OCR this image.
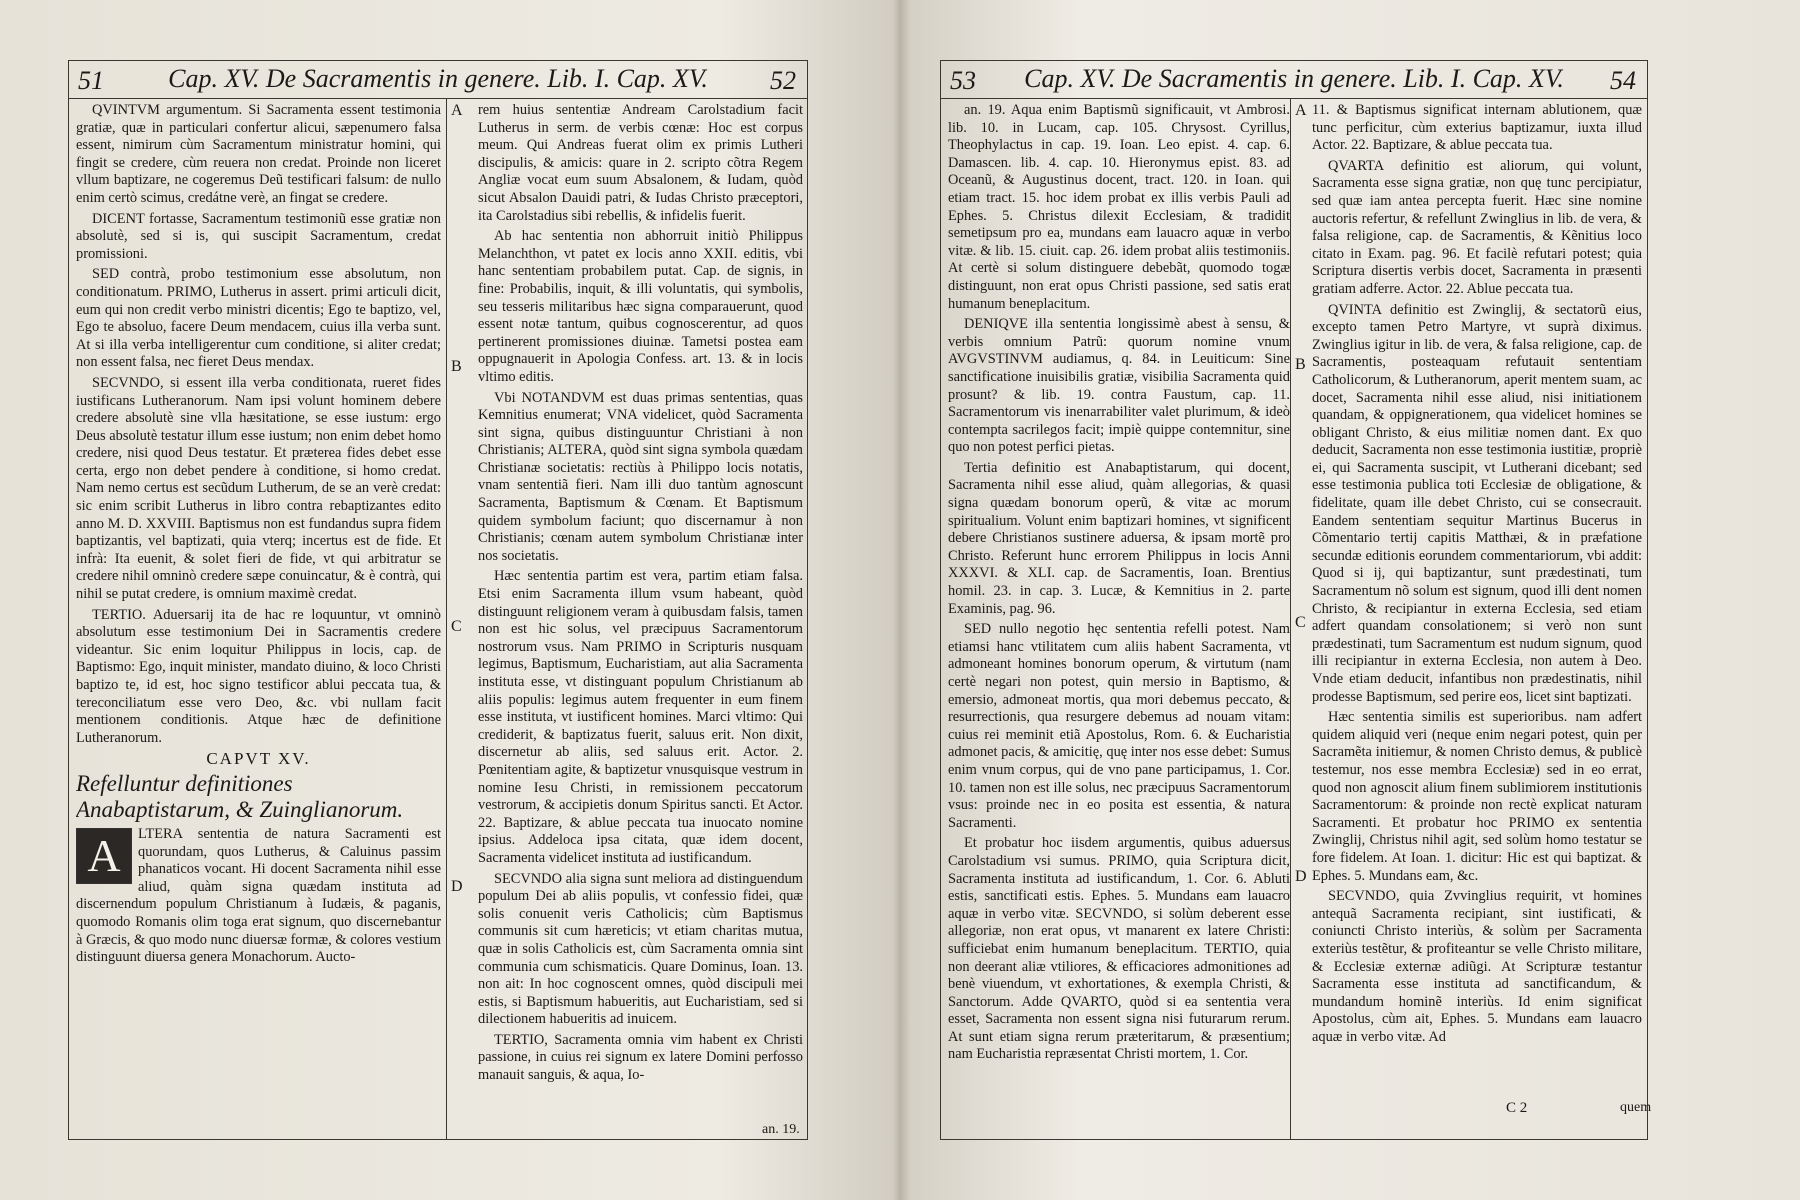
51	Cap. XV. De Sacramentis in genere. Lib. I. Cap. XV.	52
A
B
C
D

QVINTVM argumentum. Si Sacramenta essent testimonia gratiæ, quæ in particulari confertur alicui, sæpenumero falsa essent, nimirum cùm Sacramentum ministratur homini, qui fingit se credere, cùm reuera non credat. Proinde non liceret vllum baptizare, ne cogeremus Deũ testificari falsum: de nullo enim certò scimus, credátne verè, an fingat se credere.

DICENT fortasse, Sacramentum testimoniũ esse gratiæ non absolutè, sed si is, qui suscipit Sacramentum, credat promissioni.

SED contrà, probo testimonium esse absolutum, non conditionatum. PRIMO, Lutherus in assert. primi articuli dicit, eum qui non credit verbo ministri dicentis; Ego te baptizo, vel, Ego te absoluo, facere Deum mendacem, cuius illa verba sunt. At si illa verba intelligerentur cum conditione, si aliter credat; non essent falsa, nec fieret Deus mendax.

SECVNDO, si essent illa verba conditionata, rueret fides iustificans Lutheranorum. Nam ipsi volunt hominem debere credere absolutè sine vlla hæsitatione, se esse iustum: ergo Deus absolutè testatur illum esse iustum; non enim debet homo credere, nisi quod Deus testatur. Et præterea fides debet esse certa, ergo non debet pendere à conditione, si homo credat. Nam nemo certus est secũdum Lutherum, de se an verè credat: sic enim scribit Lutherus in libro contra rebaptizantes edito anno M. D. XXVIII. Baptismus non est fundandus supra fidem baptizantis, vel baptizati, quia vterq; incertus est de fide. Et infrà: Ita euenit, & solet fieri de fide, vt qui arbitratur se credere nihil omninò credere sæpe conuincatur, & è contrà, qui nihil se putat credere, is omnium maximè credat.

TERTIO. Aduersarij ita de hac re loquuntur, vt omninò absolutum esse testimonium Dei in Sacramentis credere videantur. Sic enim loquitur Philippus in locis, cap. de Baptismo: Ego, inquit minister, mandato diuino, & loco Christi baptizo te, id est, hoc signo testificor ablui peccata tua, & tereconciliatum esse vero Deo, &c. vbi nullam facit mentionem conditionis. Atque hæc de definitione Lutheranorum.

CAPVT XV.

Refelluntur definitiones Anabaptistarum, & Zuinglianorum.

A	LTERA sententia de natura Sacramenti est quorundam, quos Lutherus, & Caluinus passim phanaticos vocant. Hi docent Sacramenta nihil esse aliud, quàm signa quædam instituta ad discernendum populum Christianum à Iudæis, & paganis, quomodo Romanis olim toga erat signum, quo discernebantur à Græcis, & quo modo nunc diuersæ formæ, & colores vestium distinguunt diuersa genera Monachorum. Aucto-

rem huius sententiæ Andream Carolstadium facit Lutherus in serm. de verbis cœnæ: Hoc est corpus meum. Qui Andreas fuerat olim ex primis Lutheri discipulis, & amicis: quare in 2. scripto cõtra Regem Angliæ vocat eum suum Absalonem, & Iudam, quòd sicut Absalon Dauidi patri, & Iudas Christo præceptori, ita Carolstadius sibi rebellis, & infidelis fuerit.

Ab hac sententia non abhorruit initiò Philippus Melanchthon, vt patet ex locis anno XXII. editis, vbi hanc sententiam probabilem putat. Cap. de signis, in fine: Probabilis, inquit, & illi voluntatis, qui symbolis, seu tesseris militaribus hæc signa comparauerunt, quod essent notæ tantum, quibus cognoscerentur, ad quos pertinerent promissiones diuinæ. Tametsi postea eam oppugnauerit in Apologia Confess. art. 13. & in locis vltimo editis.

Vbi NOTANDVM est duas primas sententias, quas Kemnitius enumerat; VNA videlicet, quòd Sacramenta sint signa, quibus distinguuntur Christiani à non Christianis; ALTERA, quòd sint signa symbola quædam Christianæ societatis: rectiùs à Philippo locis notatis, vnam sententiã fieri. Nam illi duo tantùm agnoscunt Sacramenta, Baptismum & Cœnam. Et Baptismum quidem symbolum faciunt; quo discernamur à non Christianis; cœnam autem symbolum Christianæ inter nos societatis.

Hæc sententia partim est vera, partim etiam falsa. Etsi enim Sacramenta illum vsum habeant, quòd distinguunt religionem veram à quibusdam falsis, tamen non est hic solus, vel præcipuus Sacramentorum nostrorum vsus. Nam PRIMO in Scripturis nusquam legimus, Baptismum, Eucharistiam, aut alia Sacramenta instituta esse, vt distinguant populum Christianum ab aliis populis: legimus autem frequenter in eum finem esse instituta, vt iustificent homines. Marci vltimo: Qui crediderit, & baptizatus fuerit, saluus erit. Non dixit, discernetur ab aliis, sed saluus erit. Actor. 2. Pœnitentiam agite, & baptizetur vnusquisque vestrum in nomine Iesu Christi, in remissionem peccatorum vestrorum, & accipietis donum Spiritus sancti. Et Actor. 22. Baptizare, & ablue peccata tua inuocato nomine ipsius. Addeloca ipsa citata, quæ idem docent, Sacramenta videlicet instituta ad iustificandum.

SECVNDO alia signa sunt meliora ad distinguendum populum Dei ab aliis populis, vt confessio fidei, quæ solis conuenit veris Catholicis; cùm Baptismus communis sit cum hæreticis; vt etiam charitas mutua, quæ in solis Catholicis est, cùm Sacramenta omnia sint communia cum schismaticis. Quare Dominus, Ioan. 13. non ait: In hoc cognoscent omnes, quòd discipuli mei estis, si Baptismum habueritis, aut Eucharistiam, sed si dilectionem habueritis ad inuicem.

TERTIO, Sacramenta omnia vim habent ex Christi passione, in cuius rei signum ex latere Domini perfosso manauit sanguis, & aqua, Io-

an. 19.
53	Cap. XV. De Sacramentis in genere. Lib. I. Cap. XV.	54
A
B
C
D

an. 19. Aqua enim Baptismũ significauit, vt Ambrosi. lib. 10. in Lucam, cap. 105. Chrysost. Cyrillus, Theophylactus in cap. 19. Ioan. Leo epist. 4. cap. 6. Damascen. lib. 4. cap. 10. Hieronymus epist. 83. ad Oceanũ, & Augustinus docent, tract. 120. in Ioan. qui etiam tract. 15. hoc idem probat ex illis verbis Pauli ad Ephes. 5. Christus dilexit Ecclesiam, & tradidit semetipsum pro ea, mundans eam lauacro aquæ in verbo vitæ. & lib. 15. ciuit. cap. 26. idem probat aliis testimoniis. At certè si solum distinguere debebãt, quomodo togæ distinguunt, non erat opus Christi passione, sed satis erat humanum beneplacitum.

DENIQVE illa sententia longissimè abest à sensu, & verbis omnium Patrũ: quorum nomine vnum AVGVSTINVM audiamus, q. 84. in Leuiticum: Sine sanctificatione inuisibilis gratiæ, visibilia Sacramenta quid prosunt? & lib. 19. contra Faustum, cap. 11. Sacramentorum vis inenarrabiliter valet plurimum, & ideò contempta sacrilegos facit; impiè quippe contemnitur, sine quo non potest perfici pietas.

Tertia definitio est Anabaptistarum, qui docent, Sacramenta nihil esse aliud, quàm allegorias, & quasi signa quædam bonorum operũ, & vitæ ac morum spiritualium. Volunt enim baptizari homines, vt significent debere Christianos sustinere aduersa, & ipsam mortẽ pro Christo. Referunt hunc errorem Philippus in locis Anni XXXVI. & XLI. cap. de Sacramentis, Ioan. Brentius homil. 23. in cap. 3. Lucæ, & Kemnitius in 2. parte Examinis, pag. 96.

SED nullo negotio hęc sententia refelli potest. Nam etiamsi hanc vtilitatem cum aliis habent Sacramenta, vt admoneant homines bonorum operum, & virtutum (nam certè negari non potest, quin mersio in Baptismo, & emersio, admoneat mortis, qua mori debemus peccato, & resurrectionis, qua resurgere debemus ad nouam vitam: cuius rei meminit etiã Apostolus, Rom. 6. & Eucharistia admonet pacis, & amicitię, quę inter nos esse debet: Sumus enim vnum corpus, qui de vno pane participamus, 1. Cor. 10. tamen non est ille solus, nec præcipuus Sacramentorum vsus: proinde nec in eo posita est essentia, & natura Sacramenti.

Et probatur hoc iisdem argumentis, quibus aduersus Carolstadium vsi sumus. PRIMO, quia Scriptura dicit, Sacramenta instituta ad iustificandum, 1. Cor. 6. Abluti estis, sanctificati estis. Ephes. 5. Mundans eam lauacro aquæ in verbo vitæ. SECVNDO, si solùm deberent esse allegoriæ, non erat opus, vt manarent ex latere Christi: sufficiebat enim humanum beneplacitum. TERTIO, quia non deerant aliæ vtiliores, & efficaciores admonitiones ad benè viuendum, vt exhortationes, & exempla Christi, & Sanctorum. Adde QVARTO, quòd si ea sententia vera esset, Sacramenta non essent signa nisi futurarum rerum. At sunt etiam signa rerum præteritarum, & præsentium; nam Eucharistia repræsentat Christi mortem, 1. Cor.

11. & Baptismus significat internam ablutionem, quæ tunc perficitur, cùm exterius baptizamur, iuxta illud Actor. 22. Baptizare, & ablue peccata tua.

QVARTA definitio est aliorum, qui volunt, Sacramenta esse signa gratiæ, non quę tunc percipiatur, sed quæ iam antea percepta fuerit. Hæc sine nomine auctoris refertur, & refellunt Zwinglius in lib. de vera, & falsa religione, cap. de Sacramentis, & Kẽnitius loco citato in Exam. pag. 96. Et facilè refutari potest; quia Scriptura disertis verbis docet, Sacramenta in præsenti gratiam adferre. Actor. 22. Ablue peccata tua.

QVINTA definitio est Zwinglij, & sectatorũ eius, excepto tamen Petro Martyre, vt suprà diximus. Zwinglius igitur in lib. de vera, & falsa religione, cap. de Sacramentis, posteaquam refutauit sententiam Catholicorum, & Lutheranorum, aperit mentem suam, ac docet, Sacramenta nihil esse aliud, nisi initiationem quandam, & oppignerationem, qua videlicet homines se obligant Christo, & eius militiæ nomen dant. Ex quo deducit, Sacramenta non esse testimonia iustitiæ, propriè ei, qui Sacramenta suscipit, vt Lutherani dicebant; sed esse testimonia publica toti Ecclesiæ de obligatione, & fidelitate, quam ille debet Christo, cui se consecrauit. Eandem sententiam sequitur Martinus Bucerus in Cõmentario tertij capitis Matthæi, & in præfatione secundæ editionis eorundem commentariorum, vbi addit: Quod si ij, qui baptizantur, sunt prædestinati, tum Sacramentum nõ solum est signum, quod illi dent nomen Christo, & recipiantur in externa Ecclesia, sed etiam adfert quandam consolationem; si verò non sunt prædestinati, tum Sacramentum est nudum signum, quod illi recipiantur in externa Ecclesia, non autem à Deo. Vnde etiam deducit, infantibus non prædestinatis, nihil prodesse Baptismum, sed perire eos, licet sint baptizati.

Hæc sententia similis est superioribus. nam adfert quidem aliquid veri (neque enim negari potest, quin per Sacramẽta initiemur, & nomen Christo demus, & publicè testemur, nos esse membra Ecclesiæ) sed in eo errat, quod non agnoscit alium finem sublimiorem institutionis Sacramentorum: & proinde non rectè explicat naturam Sacramenti. Et probatur hoc PRIMO ex sententia Zwinglij, Christus nihil agit, sed solùm homo testatur se fore fidelem. At Ioan. 1. dicitur: Hic est qui baptizat. & Ephes. 5. Mundans eam, &c.

SECVNDO, quia Zvvinglius requirit, vt homines antequã Sacramenta recipiant, sint iustificati, & coniuncti Christo interiùs, & solùm per Sacramenta exteriùs testẽtur, & profiteantur se velle Christo militare, & Ecclesiæ externæ adiũgi. At Scripturæ testantur Sacramenta esse instituta ad sanctificandum, & mundandum hominẽ interiùs. Id enim significat Apostolus, cùm ait, Ephes. 5. Mundans eam lauacro aquæ in verbo vitæ. Ad

C 2	quem
